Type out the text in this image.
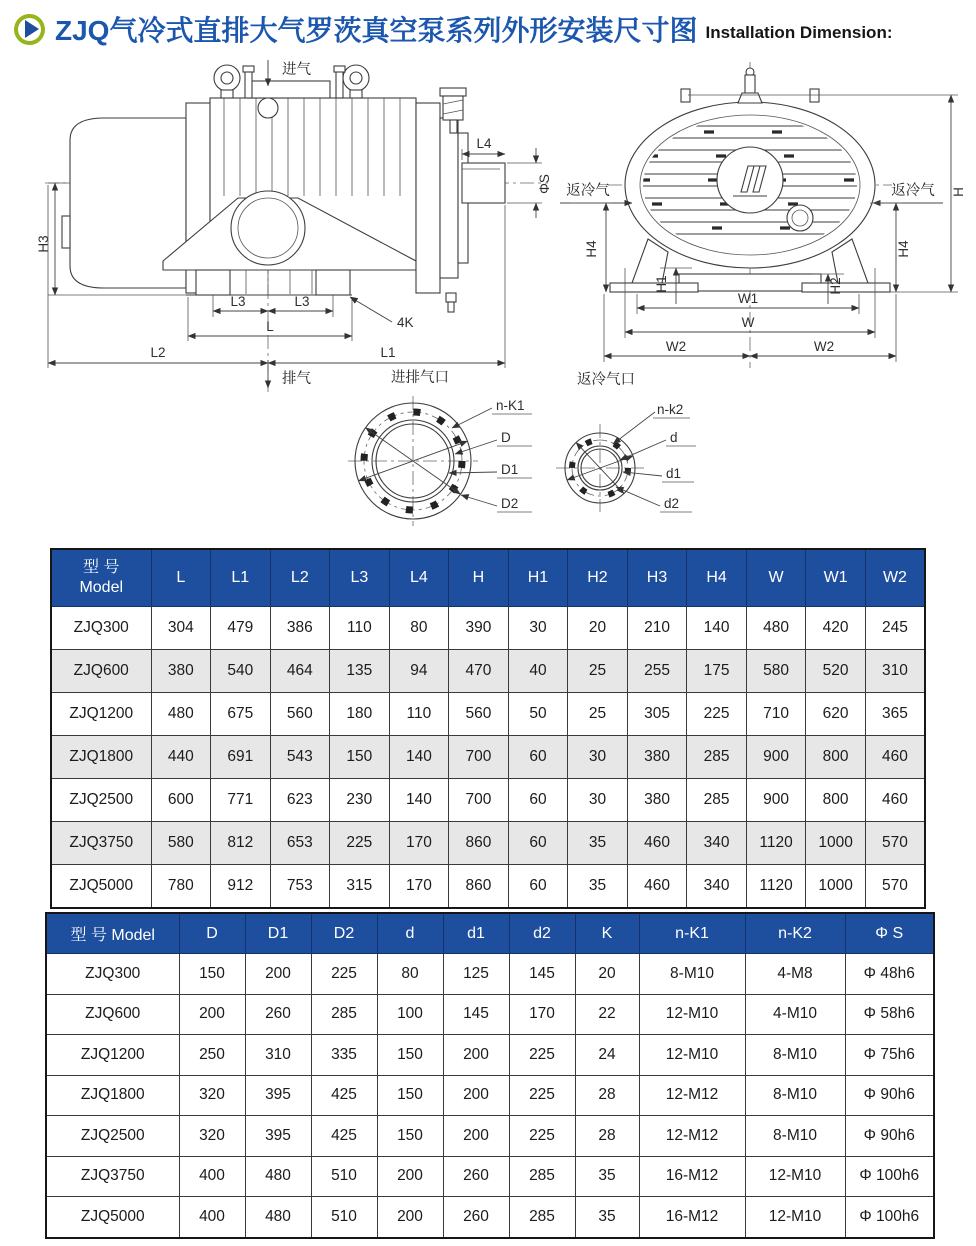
ZJQ气冷式直排大气罗茨真空泵系列外形安装尺寸图 Installation Dimension:
进气
H3
L3	L3
L
L2	L1
L4
ΦS
4K
排气
返冷气	返冷气 H
H4	H4
H1	H2
W1
W
W2	W2
进排气口
n-K1
D
D1
D2
返冷气口
n-k2
d
d1
d2
型 号
Model	L	L1	L2	L3	L4	H	H1	H2	H3	H4	W	W1	W2
ZJQ300	304	479	386	110	80	390	30	20	210	140	480	420	245
ZJQ600	380	540	464	135	94	470	40	25	255	175	580	520	310
ZJQ1200	480	675	560	180	110	560	50	25	305	225	710	620	365
ZJQ1800	440	691	543	150	140	700	60	30	380	285	900	800	460
ZJQ2500	600	771	623	230	140	700	60	30	380	285	900	800	460
ZJQ3750	580	812	653	225	170	860	60	35	460	340	1120	1000	570
ZJQ5000	780	912	753	315	170	860	60	35	460	340	1120	1000	570
型 号 Model	D	D1	D2	d	d1	d2	K	n-K1	n-K2	Φ S
ZJQ300	150	200	225	80	125	145	20	8-M10	4-M8	Φ 48h6
ZJQ600	200	260	285	100	145	170	22	12-M10	4-M10	Φ 58h6
ZJQ1200	250	310	335	150	200	225	24	12-M10	8-M10	Φ 75h6
ZJQ1800	320	395	425	150	200	225	28	12-M12	8-M10	Φ 90h6
ZJQ2500	320	395	425	150	200	225	28	12-M12	8-M10	Φ 90h6
ZJQ3750	400	480	510	200	260	285	35	16-M12	12-M10	Φ 100h6
ZJQ5000	400	480	510	200	260	285	35	16-M12	12-M10	Φ 100h6
